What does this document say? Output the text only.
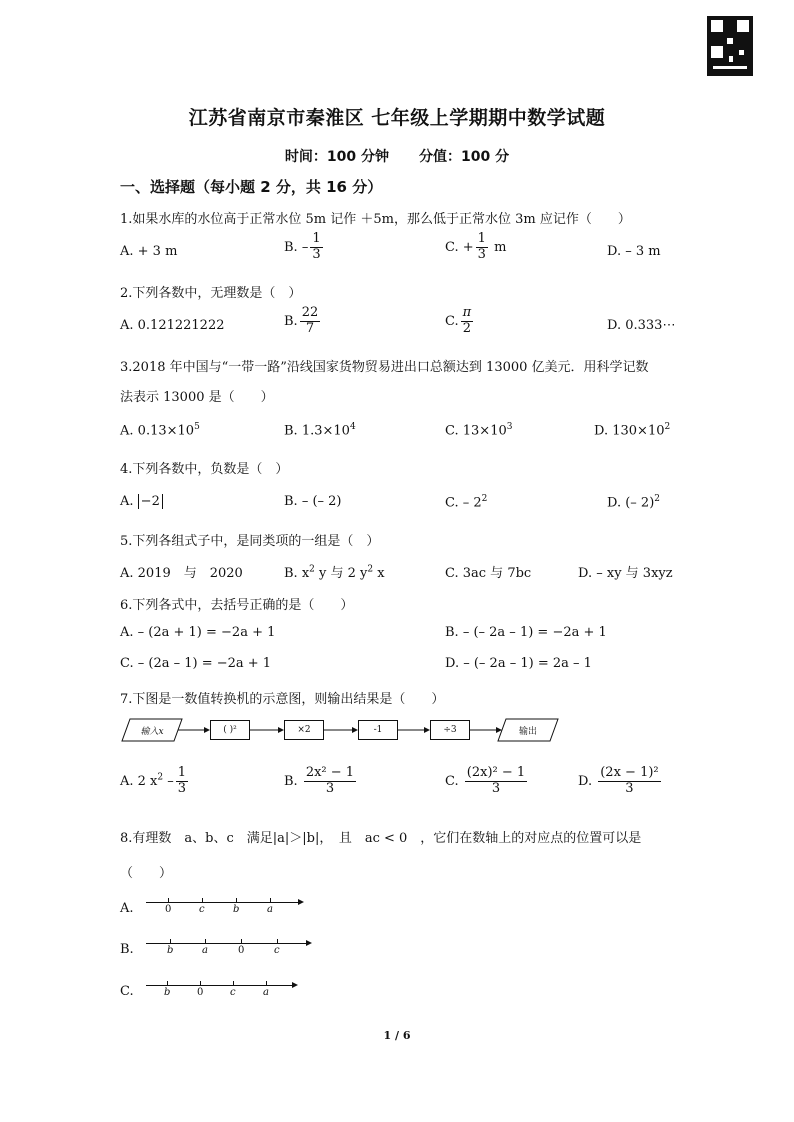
江苏省南京市秦淮区 七年级上学期期中数学试题
时间：100 分钟 分值：100 分
一、选择题（每小题 2 分，共 16 分）
1.如果水库的水位高于正常水位 5m 记作 ＋5m，那么低于正常水位 3m 应记作（　　）
A. + 3 m	B. – $\frac{1}{3}$	C. + $\frac{1}{3}$ m	D. – 3 m
2.下列各数中，无理数是（　）
A. 0.121221222	B. $\frac{22}{7}$	C. $\frac{\pi}{2}$	D. 0.333⋯
3.2018 年中国与“一带一路”沿线国家货物贸易进出口总额达到 13000 亿美元．用科学记数
法表示 13000 是（　　）
A. $0.13\times 10^5$	B. $1.3\times 10^4$	C. $13\times 10^3$	D. $130\times 10^2$
4.下列各数中，负数是（　）
A. −2	B. – (– 2)	C. – $2^2$	D. (– 2)$^2$
5.下列各组式子中，是同类项的一组是（　）
A. 2019　与　2020	B. $x^2$ y 与 2 $y^2$ x	C. 3ac 与 7bc	D. – xy 与 3xyz
6.下列各式中，去括号正确的是（　　）
A. – (2a + 1) = −2a + 1	B. – (– 2a – 1) = −2a + 1
C. – (2a – 1) = −2a + 1	D. – (– 2a – 1) = 2a – 1
7.下图是一数值转换机的示意图，则输出结果是（　　）
输入x	( )²	×2	-1	÷3	输出
A. 2 $x^2 - \frac{1}{3}$	B. $\frac{\text{2x² − 1}}{3}$	C. $\frac{\text{(2x)² − 1}}{3}$	D. $\frac{\text{(2x − 1)²}}{3}$
8.有理数　a、b、c　满足|a|＞|b|，　且　ac < 0　，它们在数轴上的对应点的位置可以是
（　　）
A.	0	c	b	a
B.	b	a	0	c
C.	b	0	c	a
1 / 6
